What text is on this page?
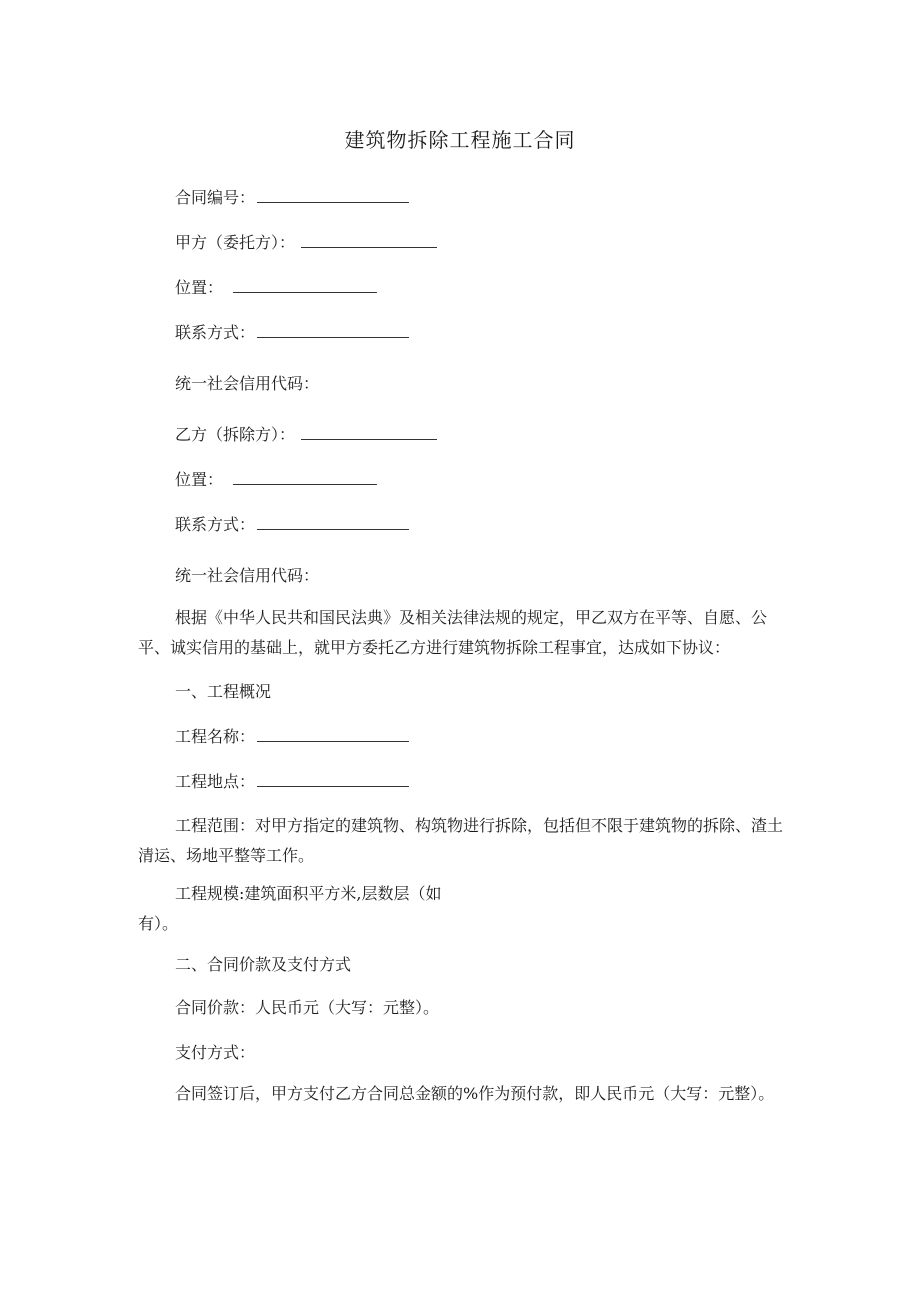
建筑物拆除工程施工合同
合同编号：
甲方（委托方）：
位置：
联系方式：
统一社会信用代码：
乙方（拆除方）：
位置：
联系方式：
统一社会信用代码：
根据《中华人民共和国民法典》及相关法律法规的规定，甲乙双方在平等、自愿、公平、诚实信用的基础上，就甲方委托乙方进行建筑物拆除工程事宜，达成如下协议：
一、工程概况
工程名称：
工程地点：
工程范围：对甲方指定的建筑物、构筑物进行拆除，包括但不限于建筑物的拆除、渣土清运、场地平整等工作。
工程规模:建筑面积平方米,层数层（如有）。
二、合同价款及支付方式
合同价款：人民币元（大写：元整）。
支付方式：
合同签订后，甲方支付乙方合同总金额的%作为预付款，即人民币元（大写：元整）。
